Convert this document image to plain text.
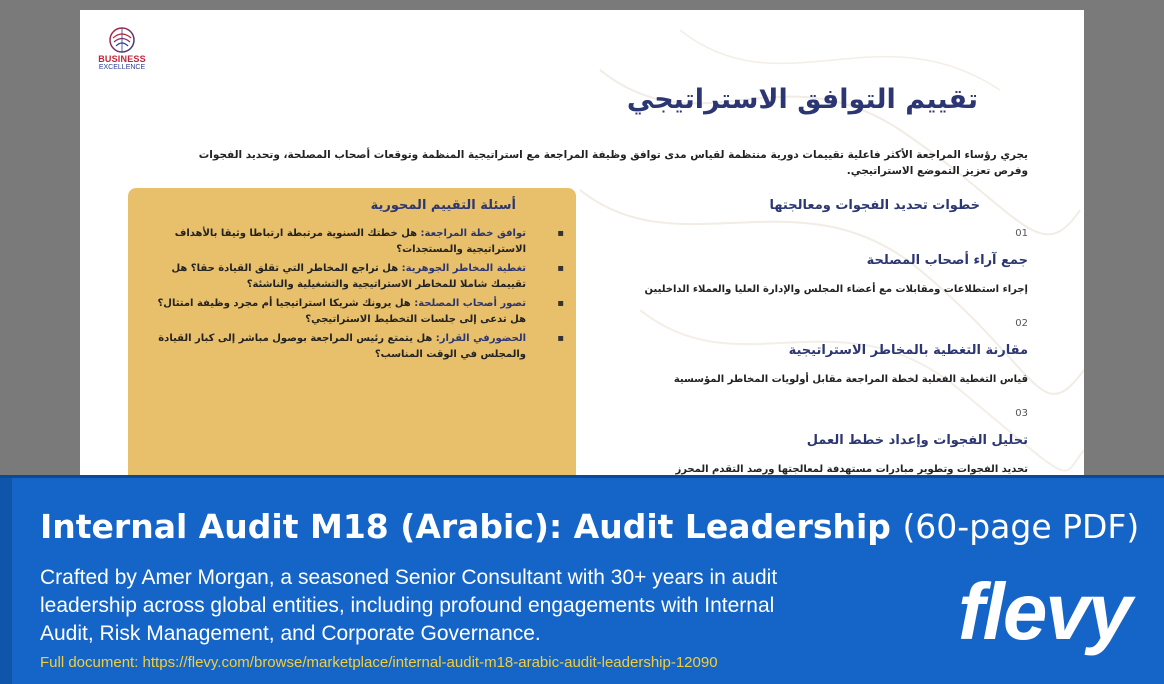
BUSINESS
EXCELLENCE
تقييم التوافق الاستراتيجي
يجري رؤساء المراجعة الأكثر فاعلية تقييمات دورية منتظمة لقياس مدى توافق وظيفة المراجعة مع استراتيجية المنظمة وتوقعات أصحاب المصلحة، وتحديد الفجوات وفرص تعزيز التموضع الاستراتيجي.
أسئلة التقييم المحورية
▪
توافق خطة المراجعة: هل خطتك السنوية مرتبطة ارتباطا وثيقا بالأهداف الاستراتيجية والمستجدات؟
▪
تغطية المخاطر الجوهرية: هل تراجع المخاطر التي تقلق القيادة حقا؟ هل تقييمك شاملا للمخاطر الاستراتيجية والتشغيلية والناشئة؟
▪
تصور أصحاب المصلحة: هل يرونك شريكا استراتيجيا أم مجرد وظيفة امتثال؟ هل تدعى إلى جلسات التخطيط الاستراتيجي؟
▪
الحضورفي القرار: هل يتمتع رئيس المراجعة بوصول مباشر إلى كبار القيادة والمجلس في الوقت المناسب؟
خطوات تحديد الفجوات ومعالجتها
01
جمع آراء أصحاب المصلحة
إجراء استطلاعات ومقابلات مع أعضاء المجلس والإدارة العليا والعملاء الداخليين
02
مقارنة التغطية بالمخاطر الاستراتيجية
قياس التغطية الفعلية لخطة المراجعة مقابل أولويات المخاطر المؤسسية
03
تحليل الفجوات وإعداد خطط العمل
تحديد الفجوات وتطوير مبادرات مستهدفة لمعالجتها ورصد التقدم المحرز
Internal Audit M18 (Arabic): Audit Leadership (60-page PDF)
Crafted by Amer Morgan, a seasoned Senior Consultant with 30+ years in audit leadership across global entities, including profound engagements with Internal Audit, Risk Management, and Corporate Governance.
Full document: https://flevy.com/browse/marketplace/internal-audit-m18-arabic-audit-leadership-12090
flevy
